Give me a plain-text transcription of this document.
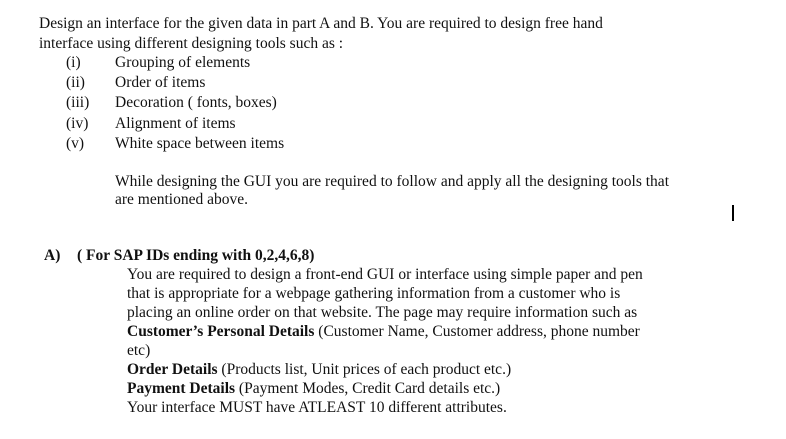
Design an interface for the given data in part A and B. You are required to design free hand
interface using different designing tools such as :
(i) Grouping of elements
(ii) Order of items
(iii) Decoration ( fonts, boxes)
(iv) Alignment of items
(v) White space between items
While designing the GUI you are required to follow and apply all the designing tools that
are mentioned above.
A) ( For SAP IDs ending with 0,2,4,6,8)
You are required to design a front-end GUI or interface using simple paper and pen
that is appropriate for a webpage gathering information from a customer who is
placing an online order on that website. The page may require information such as
Customer’s Personal Details (Customer Name, Customer address, phone number
etc)
Order Details (Products list, Unit prices of each product etc.)
Payment Details (Payment Modes, Credit Card details etc.)
Your interface MUST have ATLEAST 10 different attributes.
